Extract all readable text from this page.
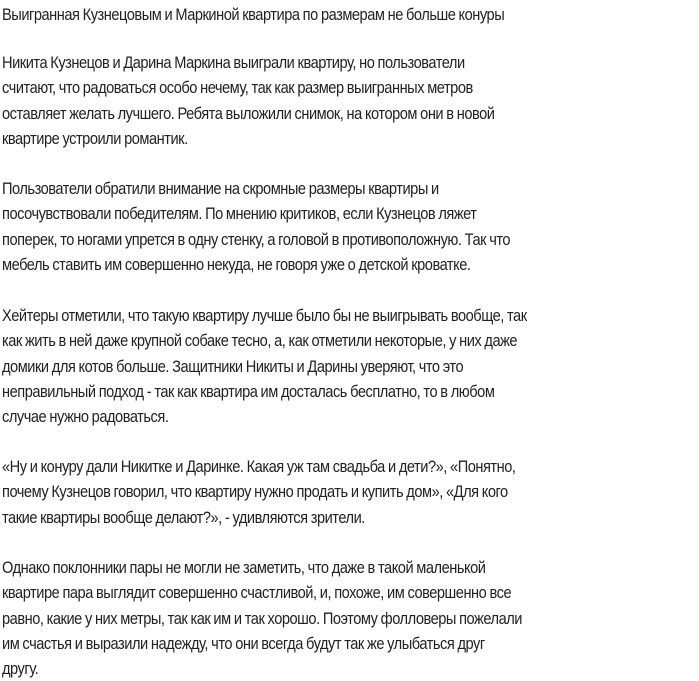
Выигранная Кузнецовым и Маркиной квартира по размерам не больше конуры

Никита Кузнецов и Дарина Маркина выиграли квартиру, но пользователи
считают, что радоваться особо нечему, так как размер выигранных метров
оставляет желать лучшего. Ребята выложили снимок, на котором они в новой
квартире устроили романтик.

Пользователи обратили внимание на скромные размеры квартиры и
посочувствовали победителям. По мнению критиков, если Кузнецов ляжет
поперек, то ногами упрется в одну стенку, а головой в противоположную. Так что
мебель ставить им совершенно некуда, не говоря уже о детской кроватке.

Хейтеры отметили, что такую квартиру лучше было бы не выигрывать вообще, так
как жить в ней даже крупной собаке тесно, а, как отметили некоторые, у них даже
домики для котов больше. Защитники Никиты и Дарины уверяют, что это
неправильный подход - так как квартира им досталась бесплатно, то в любом
случае нужно радоваться.

«Ну и конуру дали Никитке и Даринке. Какая уж там свадьба и дети?», «Понятно,
почему Кузнецов говорил, что квартиру нужно продать и купить дом», «Для кого
такие квартиры вообще делают?», - удивляются зрители.

Однако поклонники пары не могли не заметить, что даже в такой маленькой
квартире пара выглядит совершенно счастливой, и, похоже, им совершенно все
равно, какие у них метры, так как им и так хорошо. Поэтому фолловеры пожелали
им счастья и выразили надежду, что они всегда будут так же улыбаться друг
другу.
